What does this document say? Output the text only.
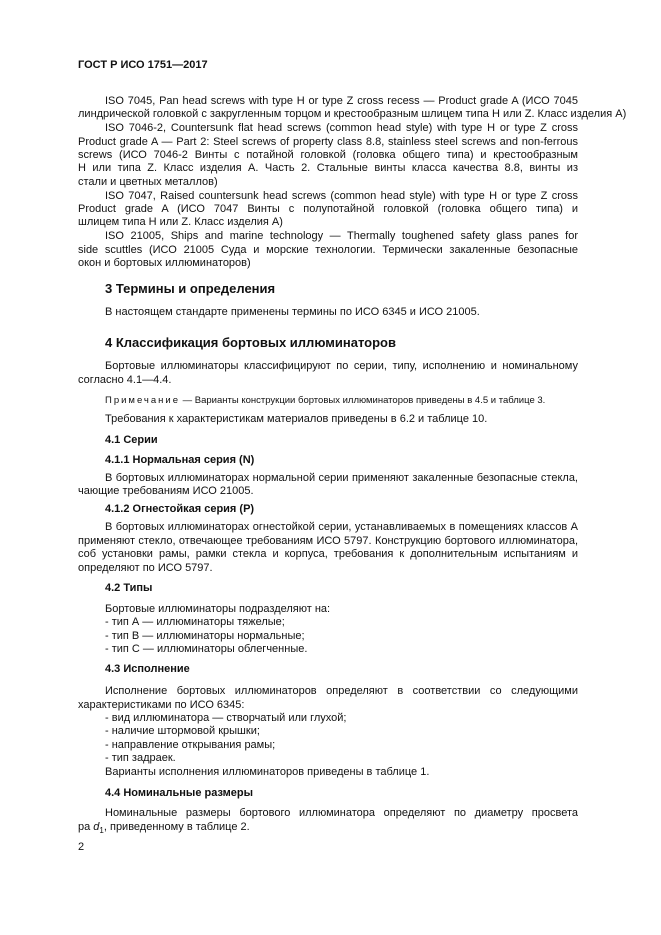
ГОСТ Р ИСО 1751—2017
ISO 7045, Pan head screws with type H or type Z cross recess — Product grade A (ИСО 7045
линдрической головкой с закругленным торцом и крестообразным шлицем типа H или Z. Класс изделия A)
ISO 7046-2, Countersunk flat head screws (common head style) with type H or type Z cross
Product grade A — Part 2: Steel screws of property class 8.8, stainless steel screws and non-ferrous
screws (ИСО 7046-2 Винты с потайной головкой (головка общего типа) и крестообразным
H или типа Z. Класс изделия А. Часть 2. Стальные винты класса качества 8.8, винты из
стали и цветных металлов)
ISO 7047, Raised countersunk head screws (common head style) with type H or type Z cross
Product grade A (ИСО 7047 Винты с полупотайной головкой (головка общего типа) и
шлицем типа H или Z. Класс изделия A)
ISO 21005, Ships and marine technology — Thermally toughened safety glass panes for
side scuttles (ИСО 21005 Суда и морские технологии. Термически закаленные безопасные
окон и бортовых иллюминаторов)
3 Термины и определения
В настоящем стандарте применены термины по ИСО 6345 и ИСО 21005.
4 Классификация бортовых иллюминаторов
Бортовые иллюминаторы классифицируют по серии, типу, исполнению и номинальному
согласно 4.1—4.4.
Примечание — Варианты конструкции бортовых иллюминаторов приведены в 4.5 и таблице 3.
Требования к характеристикам материалов приведены в 6.2 и таблице 10.
4.1 Серии
4.1.1 Нормальная серия (N)
В бортовых иллюминаторах нормальной серии применяют закаленные безопасные стекла,
чающие требованиям ИСО 21005.
4.1.2 Огнестойкая серия (P)
В бортовых иллюминаторах огнестойкой серии, устанавливаемых в помещениях классов А
применяют стекло, отвечающее требованиям ИСО 5797. Конструкцию бортового иллюминатора,
соб установки рамы, рамки стекла и корпуса, требования к дополнительным испытаниям и
определяют по ИСО 5797.
4.2 Типы
Бортовые иллюминаторы подразделяют на:
- тип А — иллюминаторы тяжелые;
- тип В — иллюминаторы нормальные;
- тип С — иллюминаторы облегченные.
4.3 Исполнение
Исполнение бортовых иллюминаторов определяют в соответствии со следующими
характеристиками по ИСО 6345:
- вид иллюминатора — створчатый или глухой;
- наличие штормовой крышки;
- направление открывания рамы;
- тип задраек.
Варианты исполнения иллюминаторов приведены в таблице 1.
4.4 Номинальные размеры
Номинальные размеры бортового иллюминатора определяют по диаметру просвета
ра $d_1$, приведенному в таблице 2.
2
